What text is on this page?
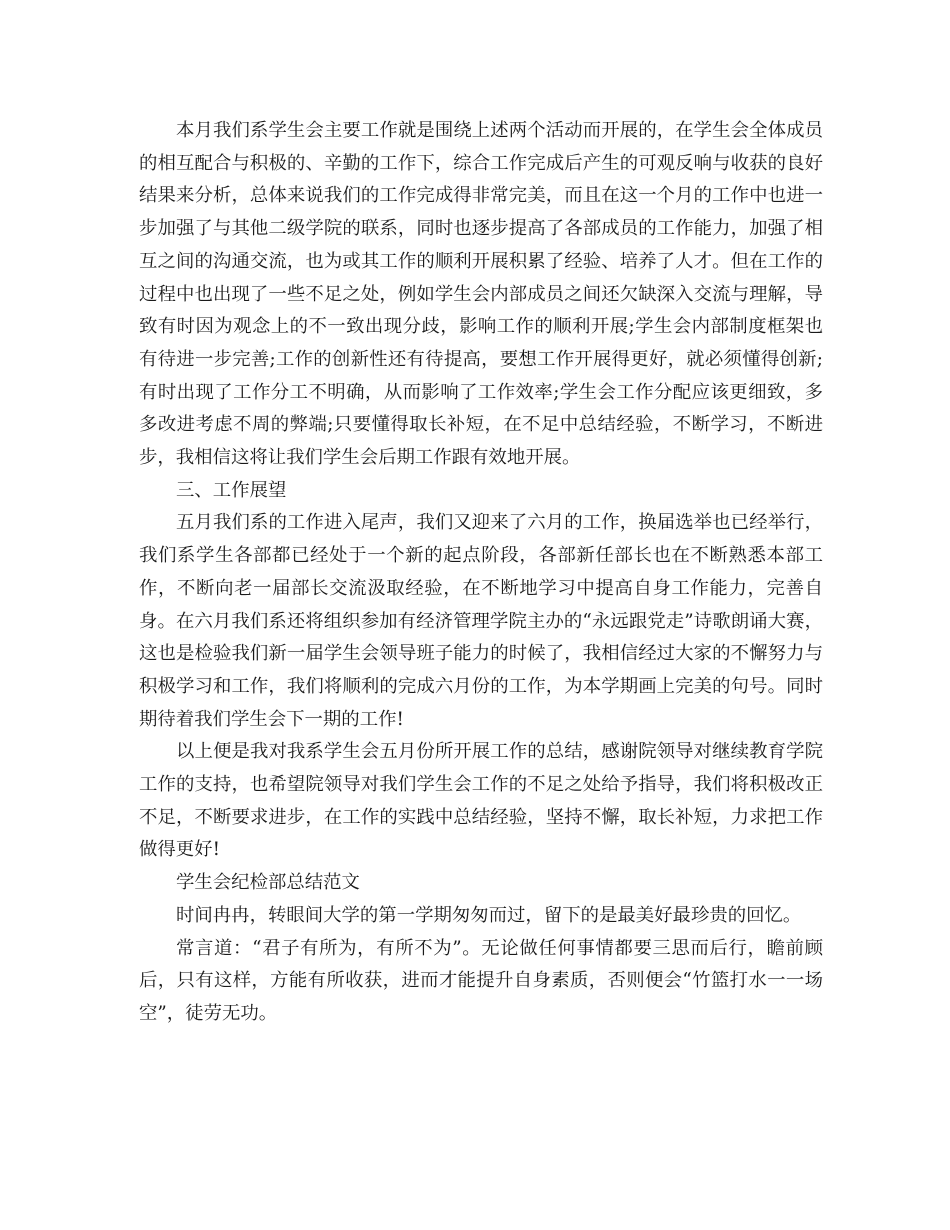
本月我们系学生会主要工作就是围绕上述两个活动而开展的，在学生会全体成员的相互配合与积极的、辛勤的工作下，综合工作完成后产生的可观反响与收获的良好结果来分析，总体来说我们的工作完成得非常完美，而且在这一个月的工作中也进一步加强了与其他二级学院的联系，同时也逐步提高了各部成员的工作能力，加强了相互之间的沟通交流，也为或其工作的顺利开展积累了经验、培养了人才。但在工作的过程中也出现了一些不足之处，例如学生会内部成员之间还欠缺深入交流与理解，导致有时因为观念上的不一致出现分歧，影响工作的顺利开展;学生会内部制度框架也有待进一步完善;工作的创新性还有待提高，要想工作开展得更好，就必须懂得创新;有时出现了工作分工不明确，从而影响了工作效率;学生会工作分配应该更细致，多多改进考虑不周的弊端;只要懂得取长补短，在不足中总结经验，不断学习，不断进步，我相信这将让我们学生会后期工作跟有效地开展。

三、工作展望

五月我们系的工作进入尾声，我们又迎来了六月的工作，换届选举也已经举行，我们系学生各部都已经处于一个新的起点阶段，各部新任部长也在不断熟悉本部工作，不断向老一届部长交流汲取经验，在不断地学习中提高自身工作能力，完善自身。在六月我们系还将组织参加有经济管理学院主办的“永远跟党走”诗歌朗诵大赛，这也是检验我们新一届学生会领导班子能力的时候了，我相信经过大家的不懈努力与积极学习和工作，我们将顺利的完成六月份的工作，为本学期画上完美的句号。同时期待着我们学生会下一期的工作!

以上便是我对我系学生会五月份所开展工作的总结，感谢院领导对继续教育学院工作的支持，也希望院领导对我们学生会工作的不足之处给予指导，我们将积极改正不足，不断要求进步，在工作的实践中总结经验，坚持不懈，取长补短，力求把工作做得更好!

学生会纪检部总结范文

时间冉冉，转眼间大学的第一学期匆匆而过，留下的是最美好最珍贵的回忆。

常言道：“君子有所为，有所不为”。无论做任何事情都要三思而后行，瞻前顾后，只有这样，方能有所收获，进而才能提升自身素质，否则便会“竹篮打水一一场空”，徒劳无功。
